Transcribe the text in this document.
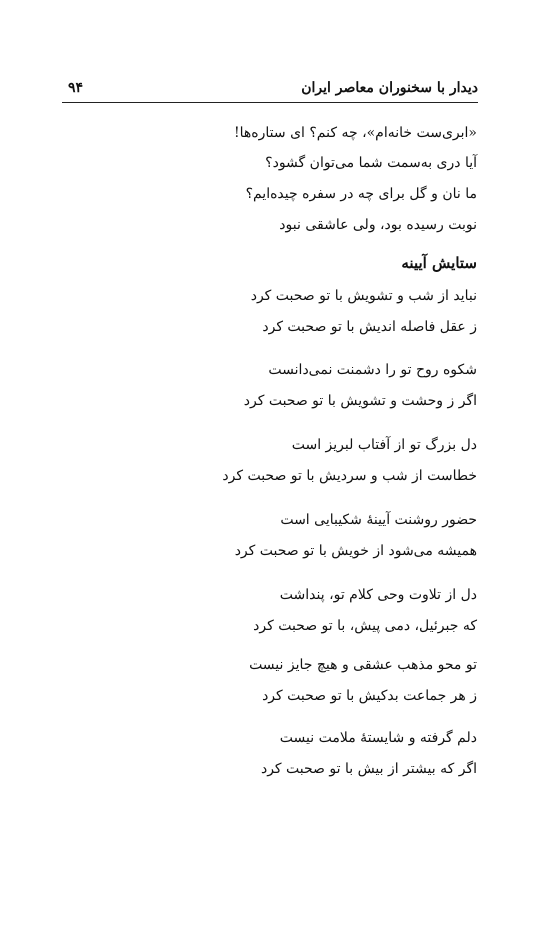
دیدار با سخنوران معاصر ایران
۹۴
«ابری‌ست خانه‌ام»، چه کنم؟ ای ستاره‌ها!
آیا دری به‌سمت شما می‌توان گشود؟
ما نان و گل برای چه در سفره چیده‌ایم؟
نوبت رسیده بود، ولی عاشقی نبود
ستایش آیینه
نباید از شب و تشویش با تو صحبت کرد
ز عقل فاصله اندیش با تو صحبت کرد
شکوه روح تو را دشمنت نمی‌دانست
اگر ز وحشت و تشویش با تو صحبت کرد
دل بزرگ تو از آفتاب لبریز است
خطاست از شب و سردیش با تو صحبت کرد
حضور روشنت آیینهٔ شکیبایی است
همیشه می‌شود از خویش با تو صحبت کرد
دل از تلاوت وحی کلام تو، پنداشت
که جبرئیل، دمی پیش، با تو صحبت کرد
تو محو مذهب عشقی و هیچ جایز نیست
ز هر جماعت بدکیش با تو صحبت کرد
دلم گرفته و شایستهٔ ملامت نیست
اگر که بیشتر از بیش با تو صحبت کرد
